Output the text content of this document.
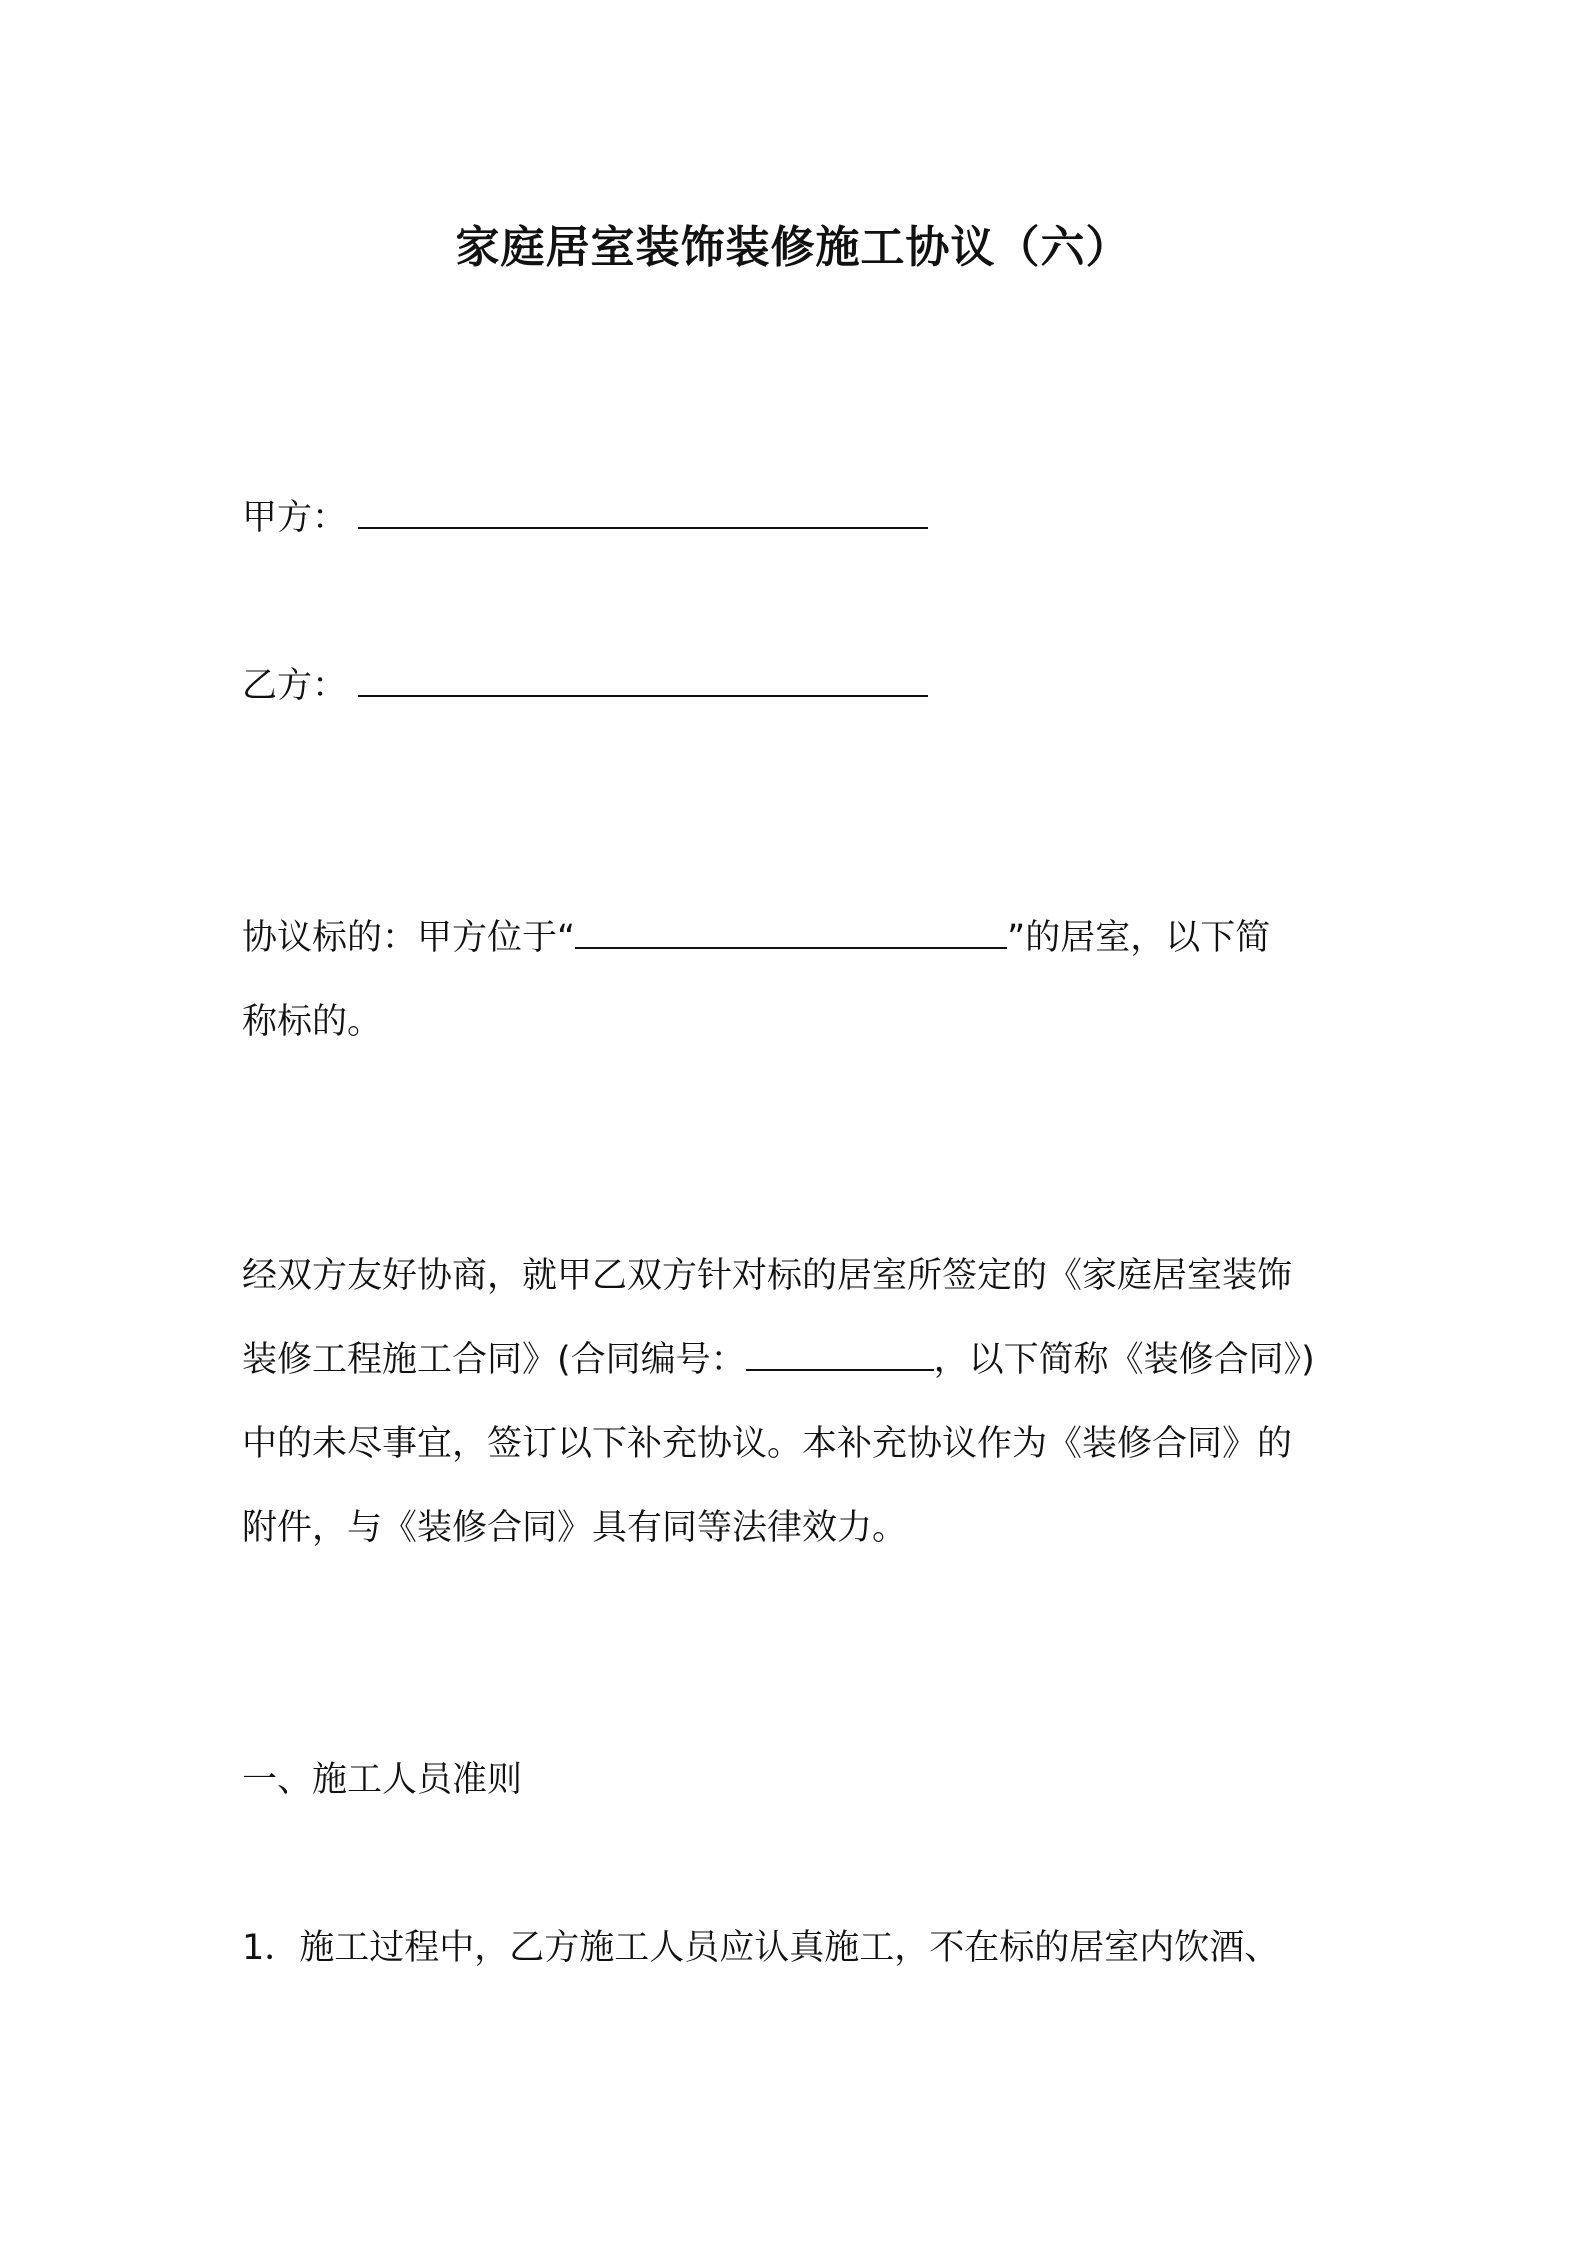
家庭居室装饰装修施工协议（六）
甲方：
乙方：
协议标的：甲方位于“	”的居室，以下简
称标的。
经双方友好协商，就甲乙双方针对标的居室所签定的《家庭居室装饰
装修工程施工合同》(合同编号：	，以下简称《装修合同》)
中的未尽事宜，签订以下补充协议。本补充协议作为《装修合同》的
附件，与《装修合同》具有同等法律效力。
一、施工人员准则
1．施工过程中，乙方施工人员应认真施工，不在标的居室内饮酒、
